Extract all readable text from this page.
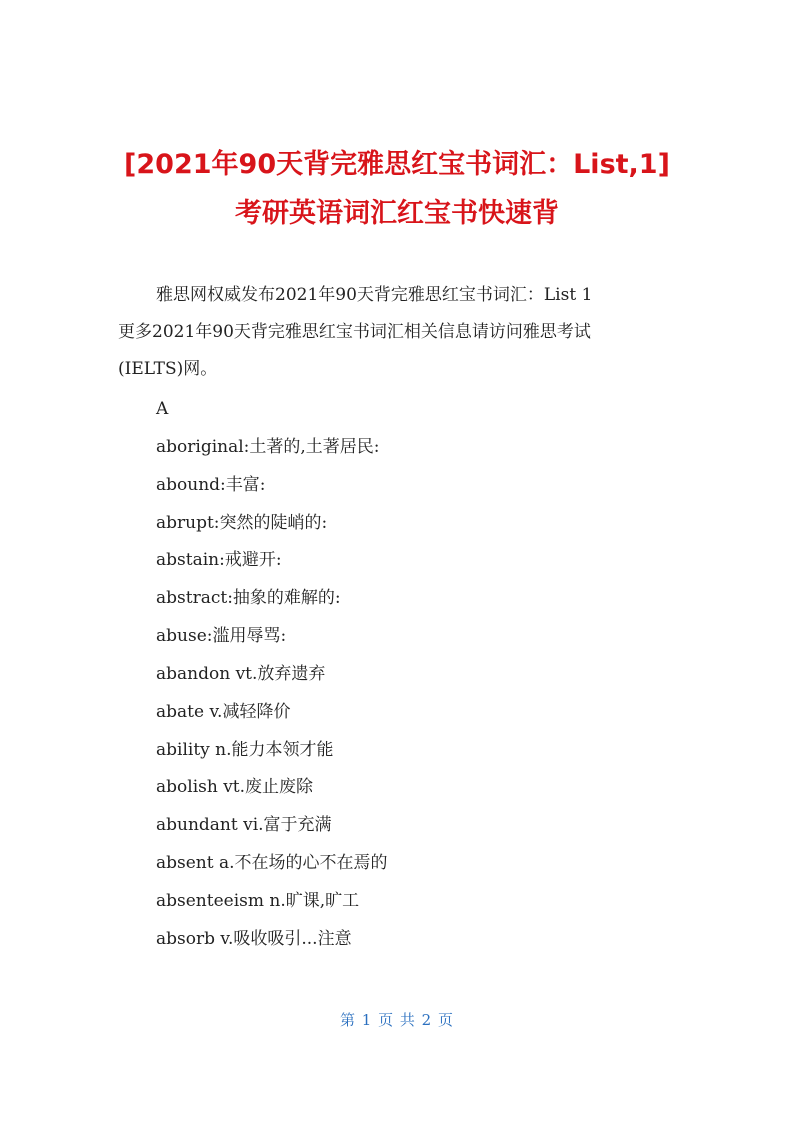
[2021年90天背完雅思红宝书词汇：List,1]
考研英语词汇红宝书快速背

雅思网权威发布2021年90天背完雅思红宝书词汇：List 1

更多2021年90天背完雅思红宝书词汇相关信息请访问雅思考试

(IELTS)网。

A
aboriginal:土著的,土著居民:
abound:丰富:
abrupt:突然的陡峭的:
abstain:戒避开:
abstract:抽象的难解的:
abuse:滥用辱骂:
abandon vt.放弃遗弃
abate v.减轻降价
ability n.能力本领才能
abolish vt.废止废除
abundant vi.富于充满
absent a.不在场的心不在焉的
absenteeism n.旷课,旷工
absorb v.吸收吸引...注意
第 1 页 共 2 页
